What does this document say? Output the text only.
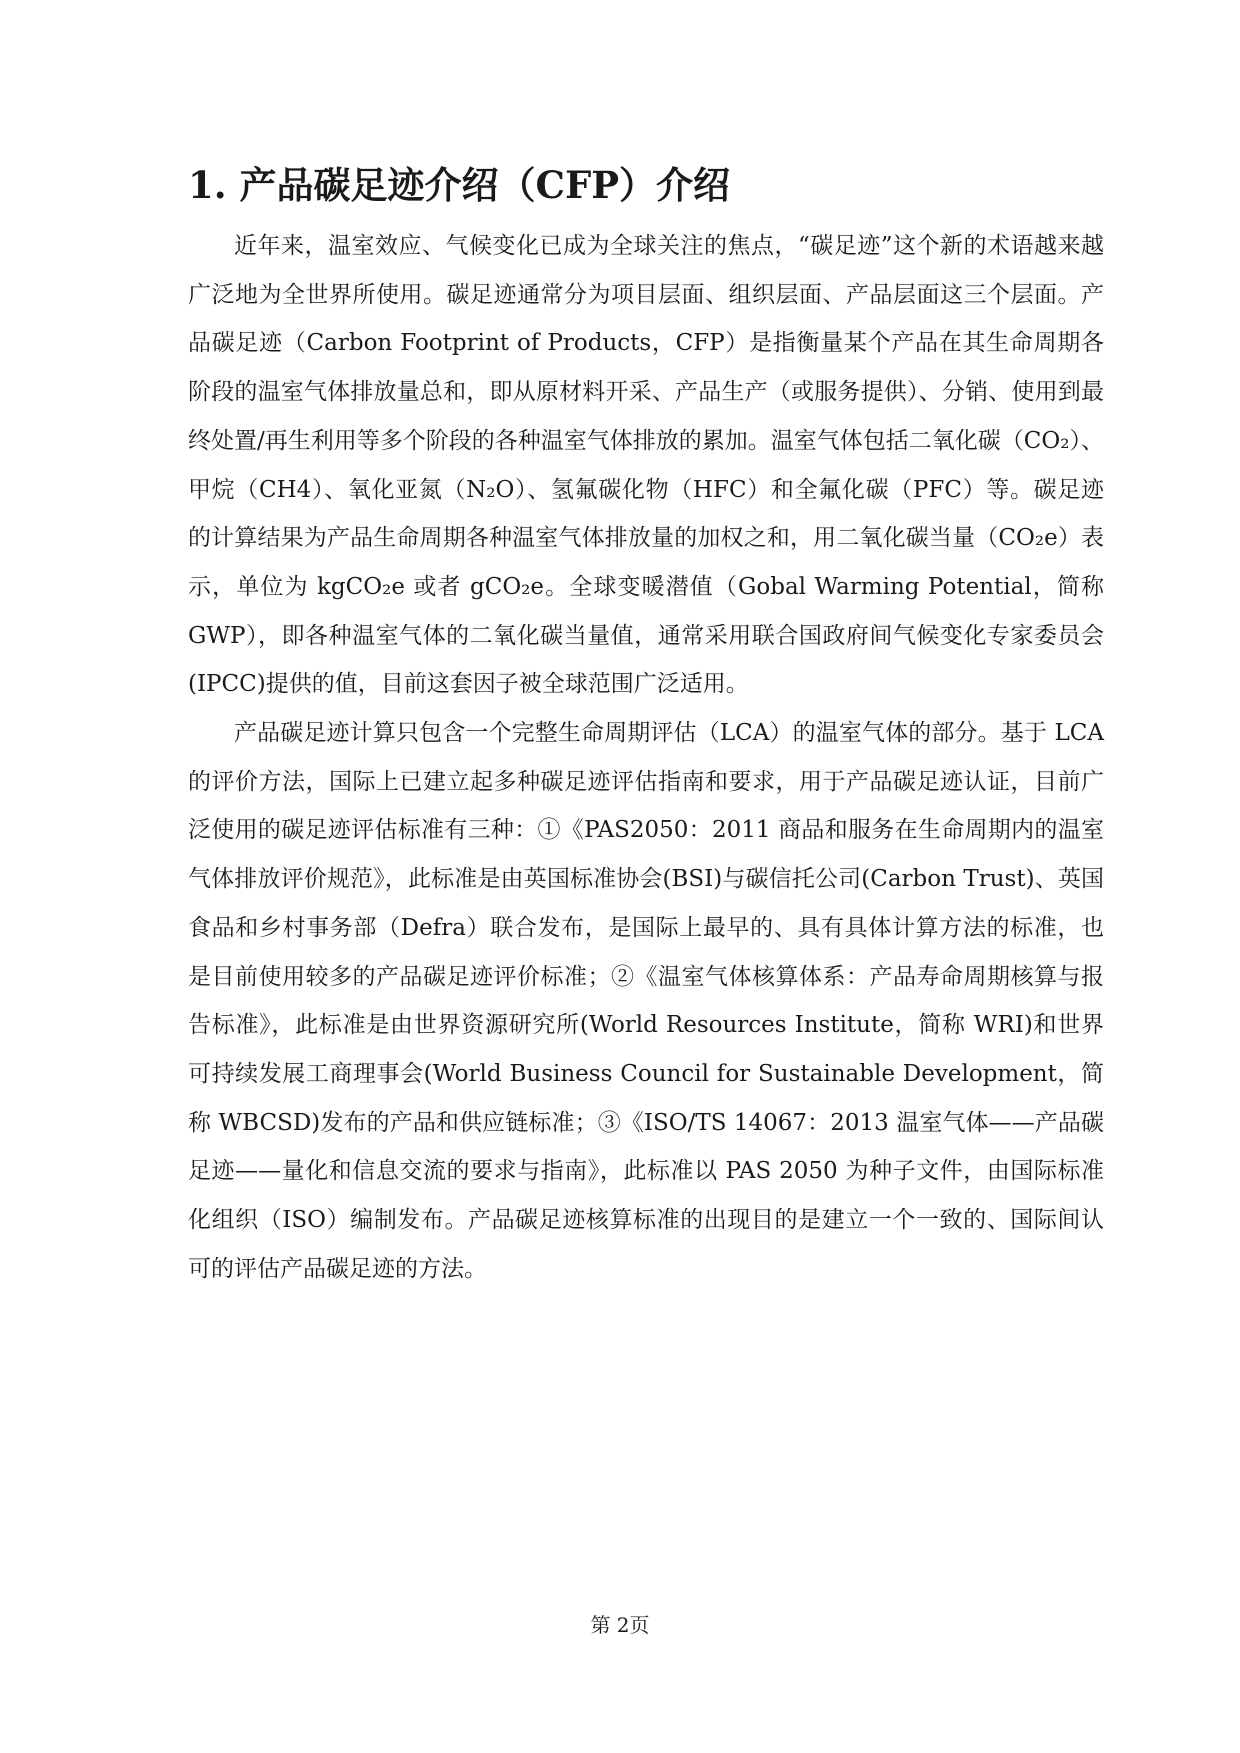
1. 产品碳足迹介绍（CFP）介绍

近年来，温室效应、气候变化已成为全球关注的焦点，“碳足迹”这个新的术语越来越广泛地为全世界所使用。碳足迹通常分为项目层面、组织层面、产品层面这三个层面。产品碳足迹（Carbon Footprint of Products，CFP）是指衡量某个产品在其生命周期各阶段的温室气体排放量总和，即从原材料开采、产品生产（或服务提供）、分销、使用到最终处置/再生利用等多个阶段的各种温室气体排放的累加。温室气体包括二氧化碳（CO₂）、甲烷（CH4）、氧化亚氮（N₂O）、氢氟碳化物（HFC）和全氟化碳（PFC）等。碳足迹的计算结果为产品生命周期各种温室气体排放量的加权之和，用二氧化碳当量（CO₂e）表示，单位为 kgCO₂e 或者 gCO₂e。全球变暖潜值（Gobal Warming Potential，简称 GWP），即各种温室气体的二氧化碳当量值，通常采用联合国政府间气候变化专家委员会(IPCC)提供的值，目前这套因子被全球范围广泛适用。

产品碳足迹计算只包含一个完整生命周期评估（LCA）的温室气体的部分。基于 LCA 的评价方法，国际上已建立起多种碳足迹评估指南和要求，用于产品碳足迹认证，目前广泛使用的碳足迹评估标准有三种：①《PAS2050：2011 商品和服务在生命周期内的温室气体排放评价规范》，此标准是由英国标准协会(BSI)与碳信托公司(Carbon Trust)、英国食品和乡村事务部（Defra）联合发布，是国际上最早的、具有具体计算方法的标准，也是目前使用较多的产品碳足迹评价标准；②《温室气体核算体系：产品寿命周期核算与报告标准》，此标准是由世界资源研究所(World Resources Institute，简称 WRI)和世界可持续发展工商理事会(World Business Council for Sustainable Development，简称 WBCSD)发布的产品和供应链标准；③《ISO/TS 14067：2013 温室气体——产品碳足迹——量化和信息交流的要求与指南》，此标准以 PAS 2050 为种子文件，由国际标准化组织（ISO）编制发布。产品碳足迹核算标准的出现目的是建立一个一致的、国际间认可的评估产品碳足迹的方法。

第 2页
